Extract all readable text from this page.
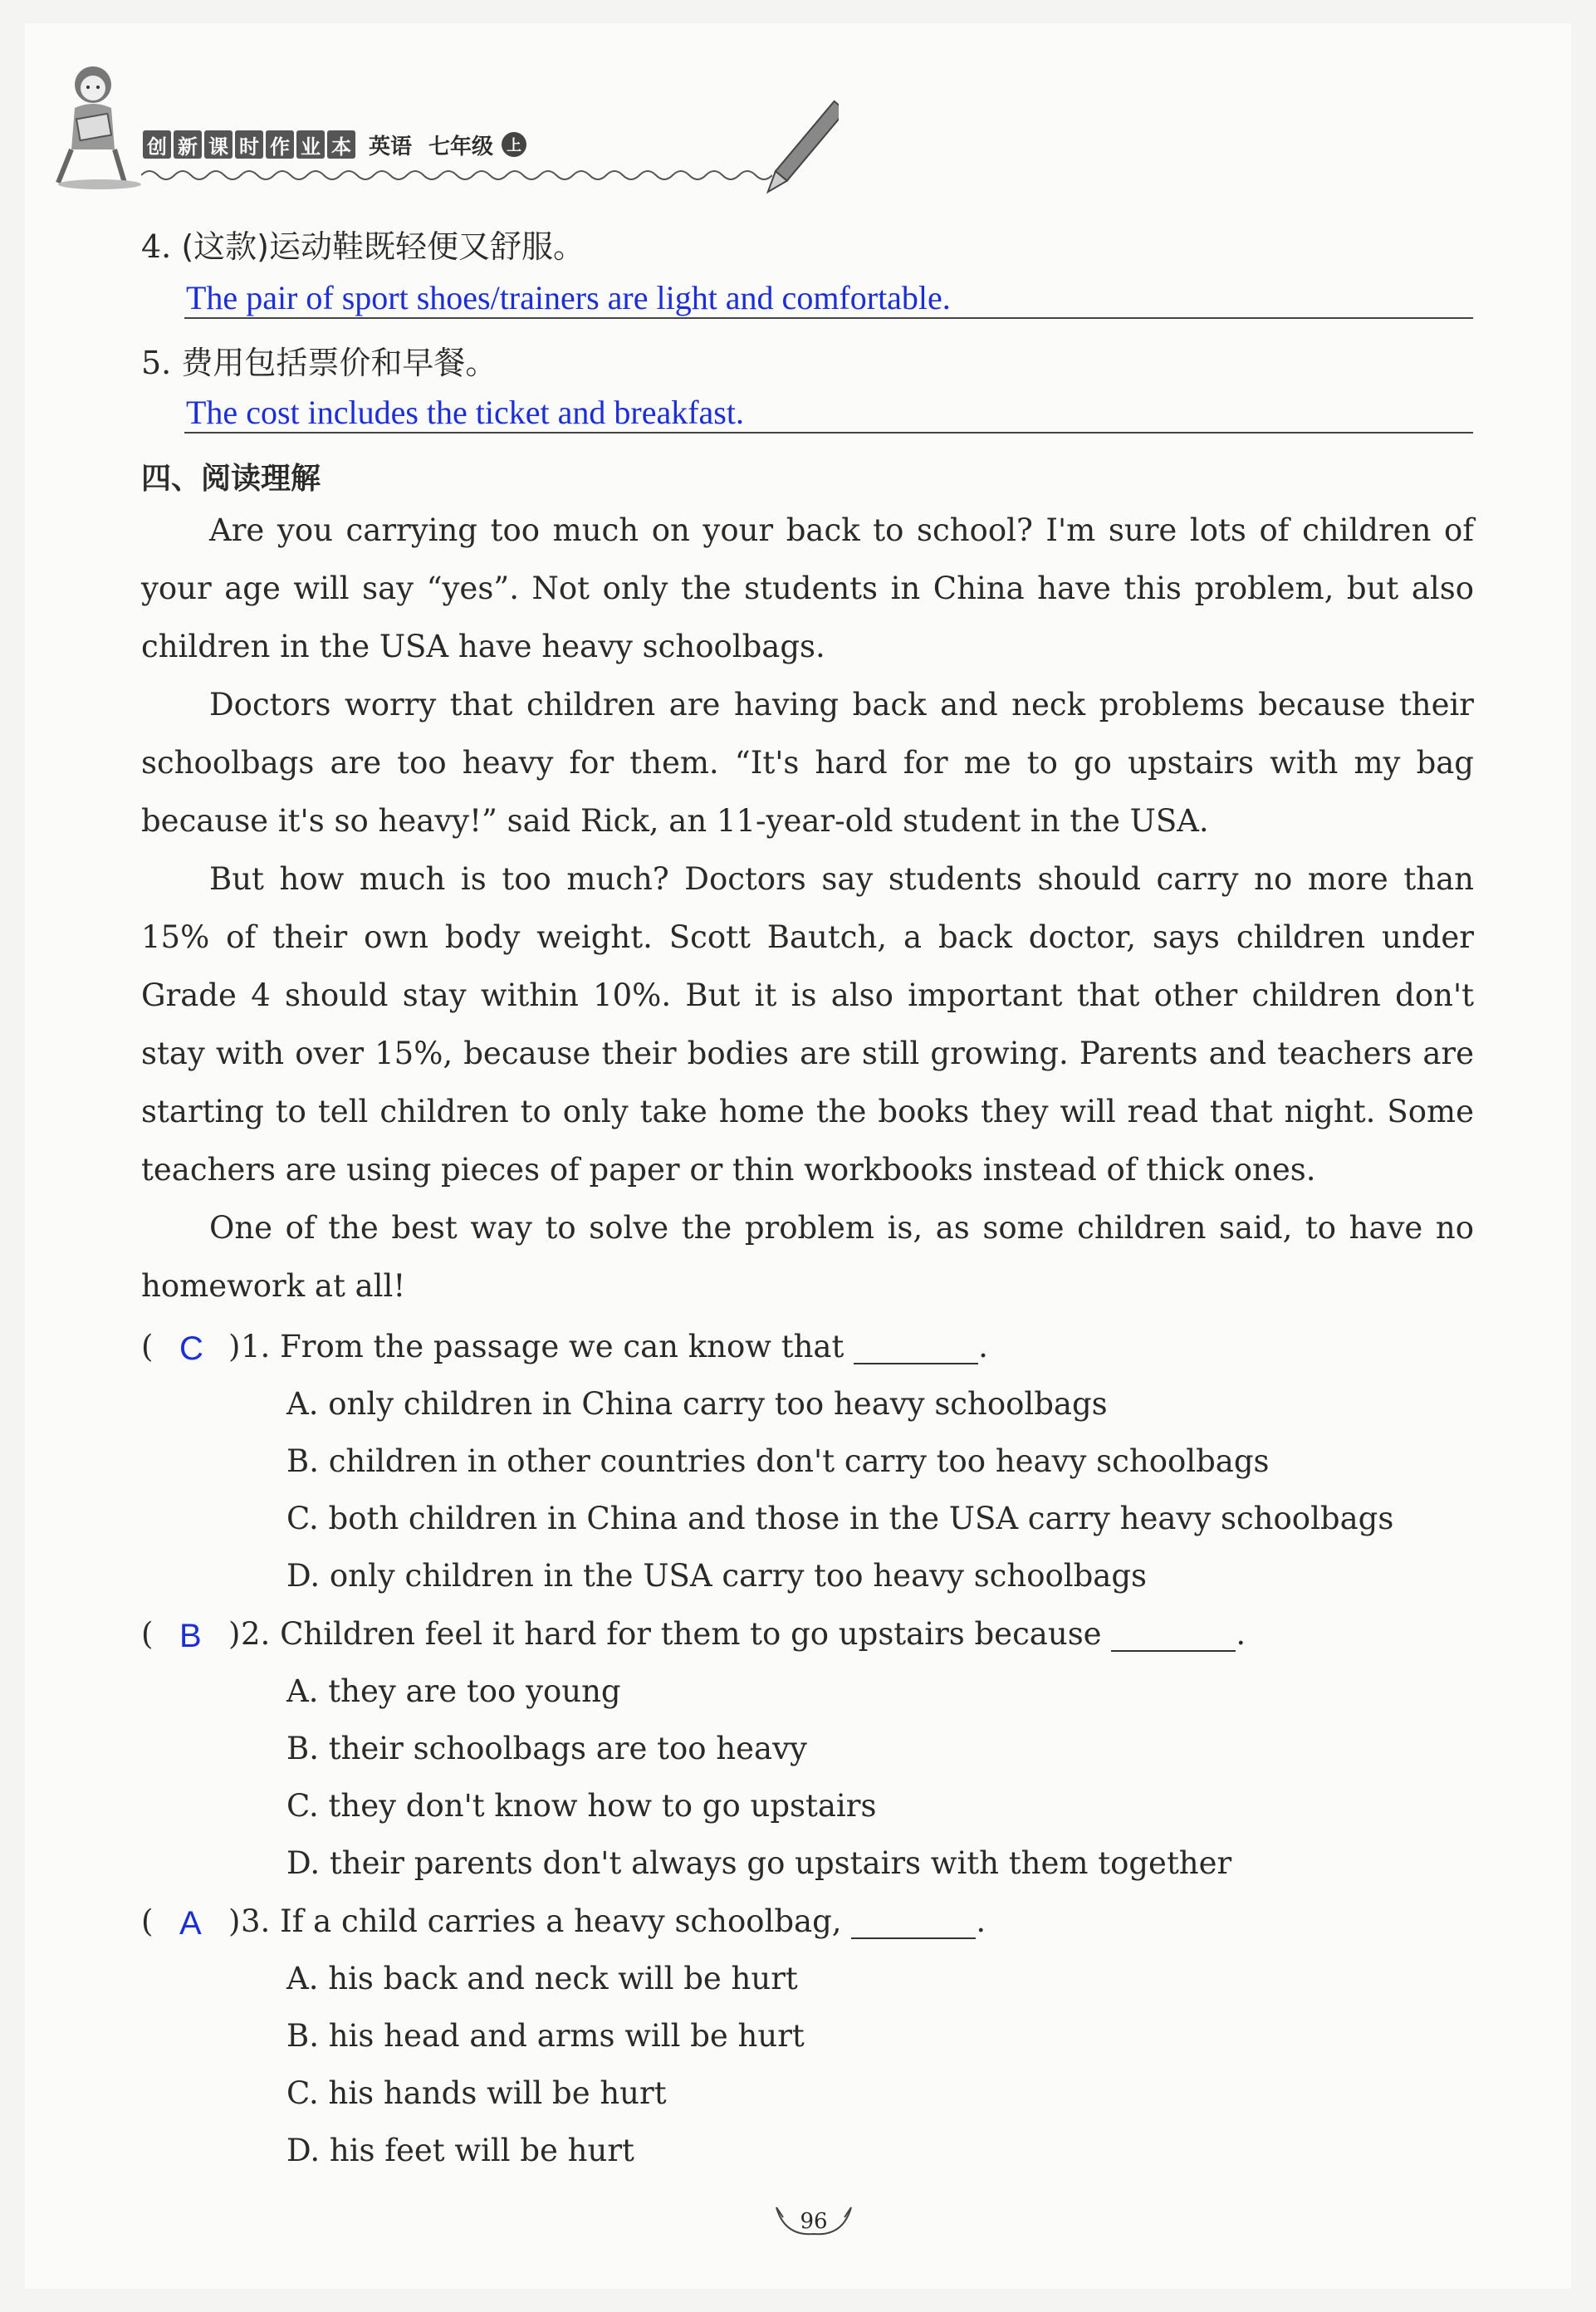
创 新 课 时 作 业 本 英语 七年级 上
4. (这款)运动鞋既轻便又舒服。
The pair of sport shoes/trainers are light and comfortable.
5. 费用包括票价和早餐。
The cost includes the ticket and breakfast.
四、阅读理解

Are you carrying too much on your back to school? I'm sure lots of children of your age will say “yes”. Not only the students in China have this problem, but also children in the USA have heavy schoolbags.

Doctors worry that children are having back and neck problems because their schoolbags are too heavy for them. “It's hard for me to go upstairs with my bag because it's so heavy!” said Rick, an 11-year-old student in the USA.

But how much is too much? Doctors say students should carry no more than 15% of their own body weight. Scott Bautch, a back doctor, says children under Grade 4 should stay within 10%. But it is also important that other children don't stay with over 15%, because their bodies are still growing. Parents and teachers are starting to tell children to only take home the books they will read that night. Some teachers are using pieces of paper or thin workbooks instead of thick ones.

One of the best way to solve the problem is, as some children said, to have no homework at all!

( C ) 1. From the passage we can know that	.
A. only children in China carry too heavy schoolbags
B. children in other countries don't carry too heavy schoolbags
C. both children in China and those in the USA carry heavy schoolbags
D. only children in the USA carry too heavy schoolbags
( B ) 2. Children feel it hard for them to go upstairs because	.
A. they are too young
B. their schoolbags are too heavy
C. they don't know how to go upstairs
D. their parents don't always go upstairs with them together
( A ) 3. If a child carries a heavy schoolbag,	.
A. his back and neck will be hurt
B. his head and arms will be hurt
C. his hands will be hurt
D. his feet will be hurt
96
